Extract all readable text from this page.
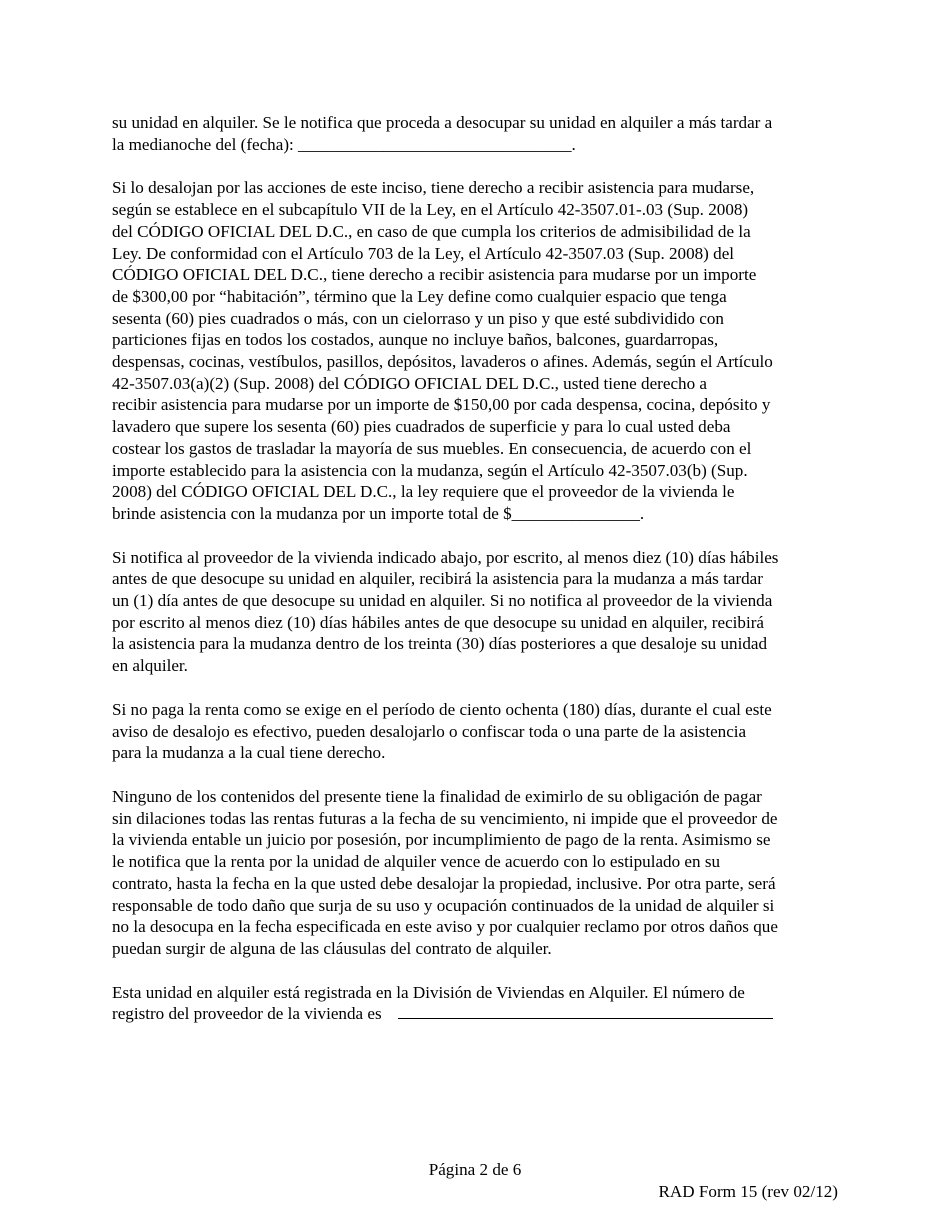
su unidad en alquiler. Se le notifica que proceda a desocupar su unidad en alquiler a más tardar a
la medianoche del (fecha): ________________________________.

Si lo desalojan por las acciones de este inciso, tiene derecho a recibir asistencia para mudarse,
según se establece en el subcapítulo VII de la Ley, en el Artículo 42-3507.01-.03 (Sup. 2008)
del CÓDIGO OFICIAL DEL D.C., en caso de que cumpla los criterios de admisibilidad de la
Ley. De conformidad con el Artículo 703 de la Ley, el Artículo 42-3507.03 (Sup. 2008) del
CÓDIGO OFICIAL DEL D.C., tiene derecho a recibir asistencia para mudarse por un importe
de $300,00 por “habitación”, término que la Ley define como cualquier espacio que tenga
sesenta (60) pies cuadrados o más, con un cielorraso y un piso y que esté subdividido con
particiones fijas en todos los costados, aunque no incluye baños, balcones, guardarropas,
despensas, cocinas, vestíbulos, pasillos, depósitos, lavaderos o afines. Además, según el Artículo
42-3507.03(a)(2) (Sup. 2008) del CÓDIGO OFICIAL DEL D.C., usted tiene derecho a
recibir asistencia para mudarse por un importe de $150,00 por cada despensa, cocina, depósito y
lavadero que supere los sesenta (60) pies cuadrados de superficie y para lo cual usted deba
costear los gastos de trasladar la mayoría de sus muebles. En consecuencia, de acuerdo con el
importe establecido para la asistencia con la mudanza, según el Artículo 42-3507.03(b) (Sup.
2008) del CÓDIGO OFICIAL DEL D.C., la ley requiere que el proveedor de la vivienda le
brinde asistencia con la mudanza por un importe total de $_______________.

Si notifica al proveedor de la vivienda indicado abajo, por escrito, al menos diez (10) días hábiles
antes de que desocupe su unidad en alquiler, recibirá la asistencia para la mudanza a más tardar
un (1) día antes de que desocupe su unidad en alquiler. Si no notifica al proveedor de la vivienda
por escrito al menos diez (10) días hábiles antes de que desocupe su unidad en alquiler, recibirá
la asistencia para la mudanza dentro de los treinta (30) días posteriores a que desaloje su unidad
en alquiler.

Si no paga la renta como se exige en el período de ciento ochenta (180) días, durante el cual este
aviso de desalojo es efectivo, pueden desalojarlo o confiscar toda o una parte de la asistencia
para la mudanza a la cual tiene derecho.

Ninguno de los contenidos del presente tiene la finalidad de eximirlo de su obligación de pagar
sin dilaciones todas las rentas futuras a la fecha de su vencimiento, ni impide que el proveedor de
la vivienda entable un juicio por posesión, por incumplimiento de pago de la renta. Asimismo se
le notifica que la renta por la unidad de alquiler vence de acuerdo con lo estipulado en su
contrato, hasta la fecha en la que usted debe desalojar la propiedad, inclusive. Por otra parte, será
responsable de todo daño que surja de su uso y ocupación continuados de la unidad de alquiler si
no la desocupa en la fecha especificada en este aviso y por cualquier reclamo por otros daños que
puedan surgir de alguna de las cláusulas del contrato de alquiler.

Esta unidad en alquiler está registrada en la División de Viviendas en Alquiler. El número de
registro del proveedor de la vivienda es

Página 2 de 6
RAD Form 15 (rev 02/12)
